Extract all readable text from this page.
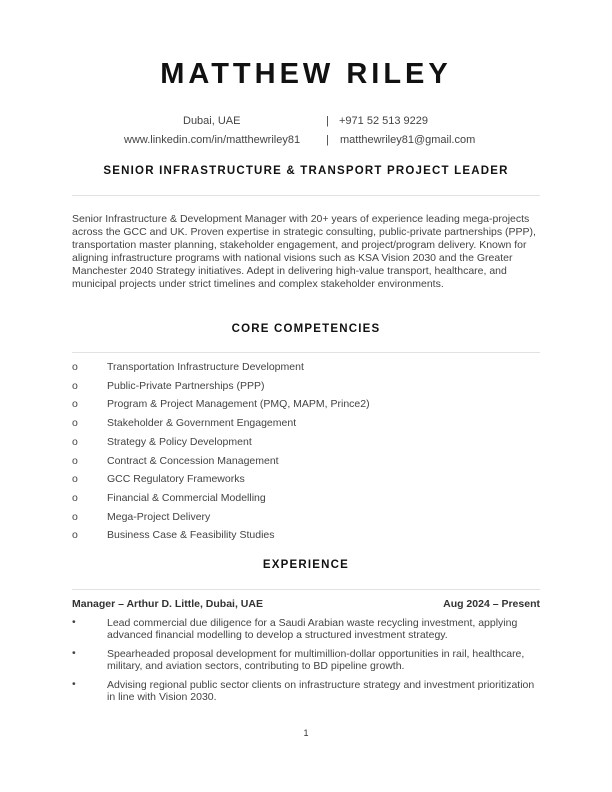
MATTHEW RILEY
Dubai, UAE	| +971 52 513 9229
www.linkedin.com/in/matthewriley81 | matthewriley81@gmail.com
SENIOR INFRASTRUCTURE & TRANSPORT PROJECT LEADER
Senior Infrastructure & Development Manager with 20+ years of experience leading mega-projects across the GCC and UK. Proven expertise in strategic consulting, public-private partnerships (PPP), transportation master planning, stakeholder engagement, and project/program delivery. Known for aligning infrastructure programs with national visions such as KSA Vision 2030 and the Greater Manchester 2040 Strategy initiatives. Adept in delivering high-value transport, healthcare, and municipal projects under strict timelines and complex stakeholder environments.
CORE COMPETENCIES
o	Transportation Infrastructure Development
o	Public-Private Partnerships (PPP)
o	Program & Project Management (PMQ, MAPM, Prince2)
o	Stakeholder & Government Engagement
o	Strategy & Policy Development
o	Contract & Concession Management
o	GCC Regulatory Frameworks
o	Financial & Commercial Modelling
o	Mega-Project Delivery
o	Business Case & Feasibility Studies
EXPERIENCE
Manager – Arthur D. Little, Dubai, UAE	Aug 2024 – Present
•	Lead commercial due diligence for a Saudi Arabian waste recycling investment, applying advanced financial modelling to develop a structured investment strategy.
•	Spearheaded proposal development for multimillion-dollar opportunities in rail, healthcare, military, and aviation sectors, contributing to BD pipeline growth.
•	Advising regional public sector clients on infrastructure strategy and investment prioritization in line with Vision 2030.
1
